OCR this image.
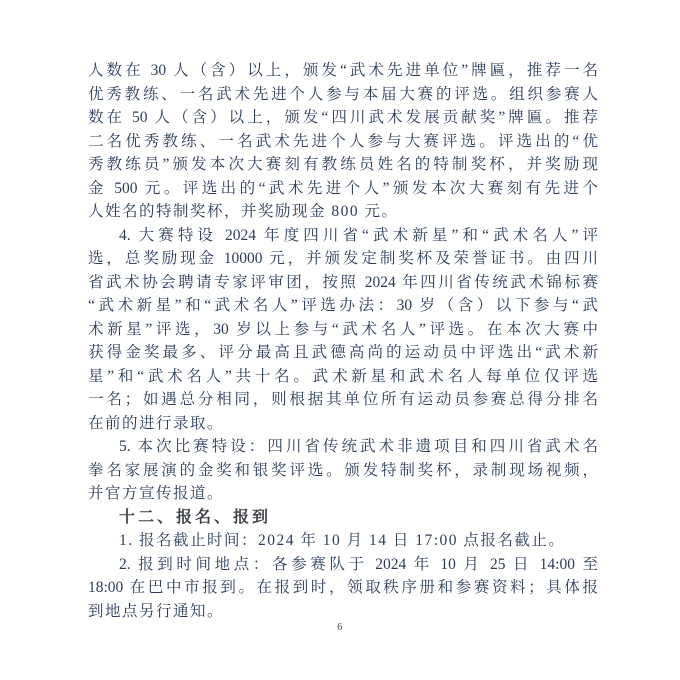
人数在 30 人（含）以上，颁发“武术先进单位”牌匾，推荐一名
优秀教练、一名武术先进个人参与本届大赛的评选。组织参赛人
数在 50 人（含）以上，颁发“四川武术发展贡献奖”牌匾。推荐
二名优秀教练、一名武术先进个人参与大赛评选。评选出的“优
秀教练员”颁发本次大赛刻有教练员姓名的特制奖杯，并奖励现
金 500 元。评选出的“武术先进个人”颁发本次大赛刻有先进个
人姓名的特制奖杯，并奖励现金 800 元。
4. 大赛特设 2024 年度四川省“武术新星”和“武术名人”评
选，总奖励现金 10000 元，并颁发定制奖杯及荣誉证书。由四川
省武术协会聘请专家评审团，按照 2024 年四川省传统武术锦标赛
“武术新星”和“武术名人”评选办法：30 岁（含）以下参与“武
术新星”评选，30 岁以上参与“武术名人”评选。在本次大赛中
获得金奖最多、评分最高且武德高尚的运动员中评选出“武术新
星”和“武术名人”共十名。武术新星和武术名人每单位仅评选
一名；如遇总分相同，则根据其单位所有运动员参赛总得分排名
在前的进行录取。
5. 本次比赛特设：四川省传统武术非遗项目和四川省武术名
拳名家展演的金奖和银奖评选。颁发特制奖杯，录制现场视频，
并官方宣传报道。
十二、报名、报到
1. 报名截止时间：2024 年 10 月 14 日 17:00 点报名截止。
2. 报到时间地点：各参赛队于 2024 年 10 月 25 日 14:00 至
18:00 在巴中市报到。在报到时，领取秩序册和参赛资料；具体报
到地点另行通知。
6
